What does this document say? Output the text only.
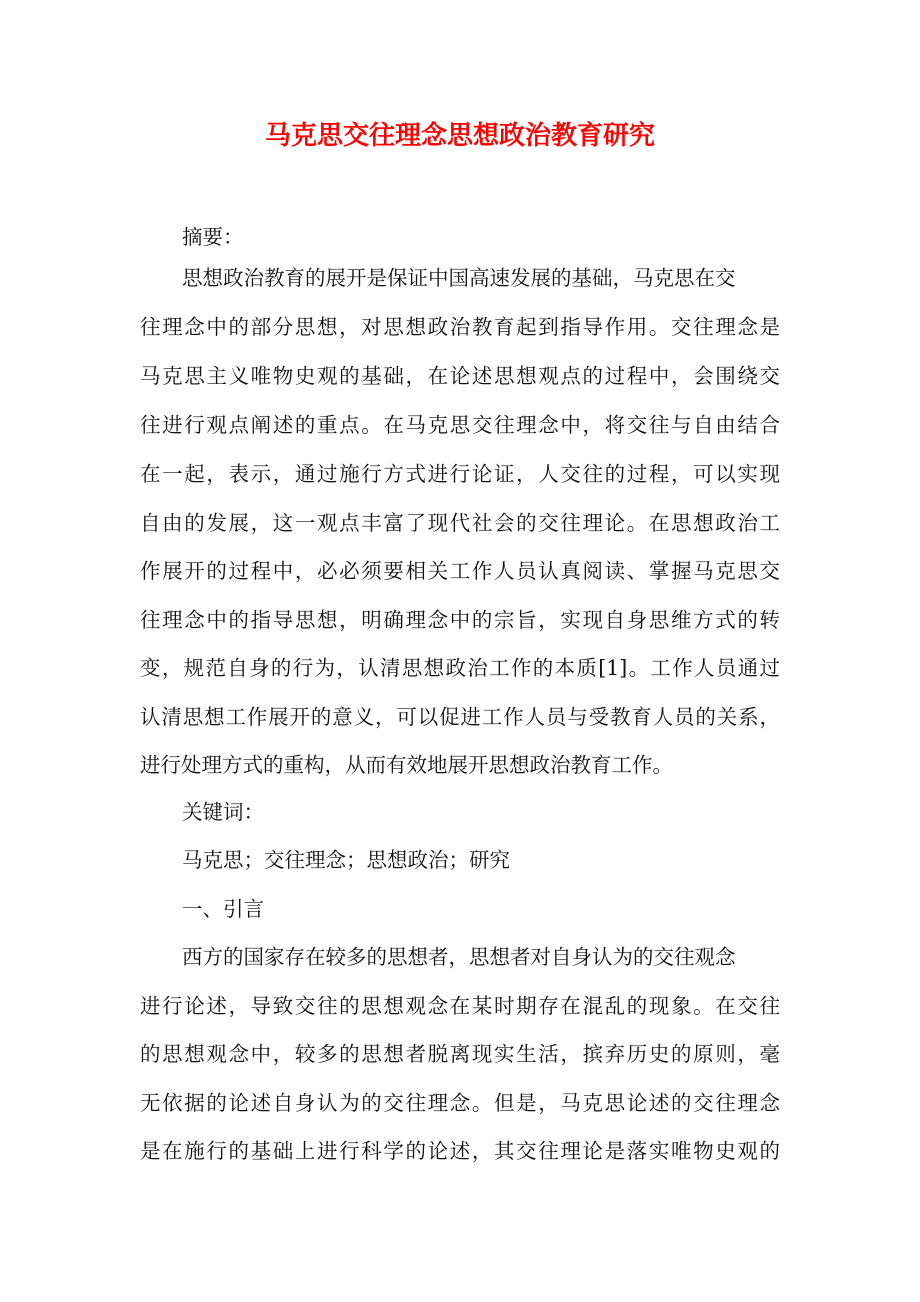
马克思交往理念思想政治教育研究
摘要：
思想政治教育的展开是保证中国高速发展的基础，马克思在交
往理念中的部分思想，对思想政治教育起到指导作用。交往理念是
马克思主义唯物史观的基础，在论述思想观点的过程中，会围绕交
往进行观点阐述的重点。在马克思交往理念中，将交往与自由结合
在一起，表示，通过施行方式进行论证，人交往的过程，可以实现
自由的发展，这一观点丰富了现代社会的交往理论。在思想政治工
作展开的过程中，必必须要相关工作人员认真阅读、掌握马克思交
往理念中的指导思想，明确理念中的宗旨，实现自身思维方式的转
变，规范自身的行为，认清思想政治工作的本质[1]。工作人员通过
认清思想工作展开的意义，可以促进工作人员与受教育人员的关系，
进行处理方式的重构，从而有效地展开思想政治教育工作。
关键词：
马克思；交往理念；思想政治；研究
一、引言
西方的国家存在较多的思想者，思想者对自身认为的交往观念
进行论述，导致交往的思想观念在某时期存在混乱的现象。在交往
的思想观念中，较多的思想者脱离现实生活，摈弃历史的原则，毫
无依据的论述自身认为的交往理念。但是，马克思论述的交往理念
是在施行的基础上进行科学的论述，其交往理论是落实唯物史观的
